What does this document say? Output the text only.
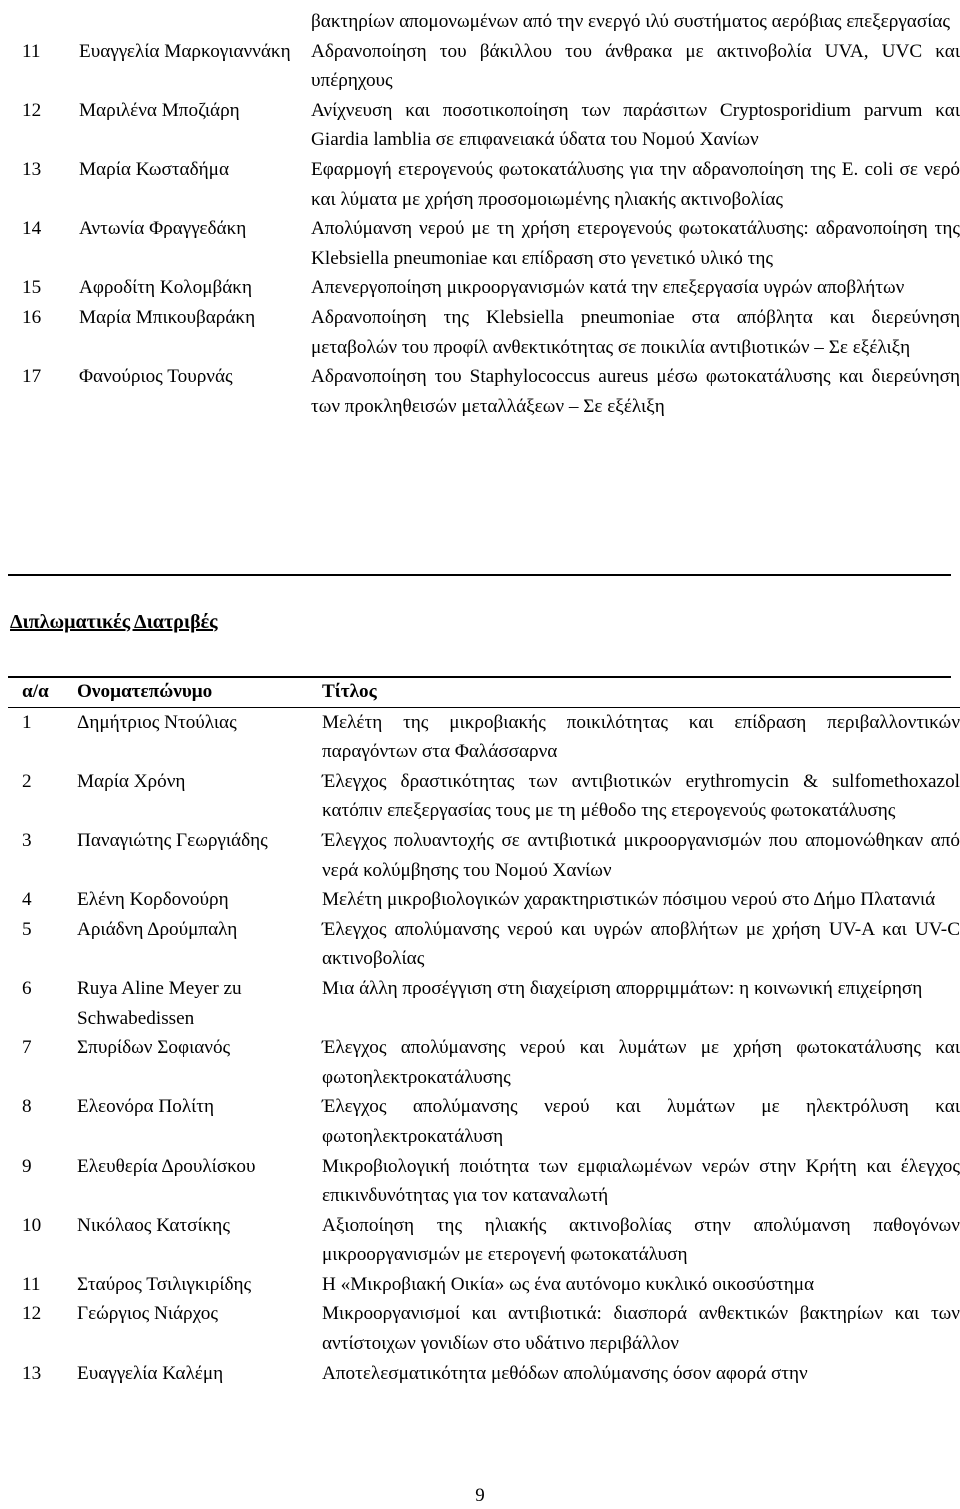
		βακτηρίων απομονωμένων από την ενεργό ιλύ συστήματος αερόβιας επεξεργασίας
11	Ευαγγελία Μαρκογιαννάκη	Αδρανοποίηση του βάκιλλου του άνθρακα με ακτινοβολία UVA, UVC και υπέρηχους
12	Μαριλένα Μποζιάρη	Ανίχνευση και ποσοτικοποίηση των παράσιτων Cryptosporidium parvum και Giardia lamblia σε επιφανειακά ύδατα του Νομού Χανίων
13	Μαρία Κωσταδήμα	Εφαρμογή ετερογενούς φωτοκατάλυσης για την αδρανοποίηση της E. coli σε νερό και λύματα με χρήση προσομοιωμένης ηλιακής ακτινοβολίας
14	Αντωνία Φραγγεδάκη	Απολύμανση νερού με τη χρήση ετερογενούς φωτοκατάλυσης: αδρανοποίηση της Klebsiella pneumoniae και επίδραση στο γενετικό υλικό της
15	Αφροδίτη Κολομβάκη	Απενεργοποίηση μικροοργανισμών κατά την επεξεργασία υγρών αποβλήτων
16	Μαρία Μπικουβαράκη	Αδρανοποίηση της Klebsiella pneumoniae στα απόβλητα και διερεύνηση μεταβολών του προφίλ ανθεκτικότητας σε ποικιλία αντιβιοτικών – Σε εξέλιξη
17	Φανούριος Τουρνάς	Αδρανοποίηση του Staphylococcus aureus μέσω φωτοκατάλυσης και διερεύνηση των προκληθεισών μεταλλάξεων – Σε εξέλιξη
Διπλωματικές Διατριβές
α/α	Ονοματεπώνυμο	Τίτλος
1	Δημήτριος Ντούλιας	Μελέτη της μικροβιακής ποικιλότητας και επίδραση περιβαλλοντικών παραγόντων στα Φαλάσσαρνα
2	Μαρία Χρόνη	Έλεγχος δραστικότητας των αντιβιοτικών erythromycin & sulfomethoxazol κατόπιν επεξεργασίας τους με τη μέθοδο της ετερογενούς φωτοκατάλυσης
3	Παναγιώτης Γεωργιάδης	Έλεγχος πολυαντοχής σε αντιβιοτικά μικροοργανισμών που απομονώθηκαν από νερά κολύμβησης του Νομού Χανίων
4	Ελένη Κορδονούρη	Μελέτη μικροβιολογικών χαρακτηριστικών πόσιμου νερού στο Δήμο Πλατανιά
5	Αριάδνη Δρούμπαλη	Έλεγχος απολύμανσης νερού και υγρών αποβλήτων με χρήση UV-A και UV-C ακτινοβολίας
6	Ruya Aline Meyer zu Schwabedissen	Μια άλλη προσέγγιση στη διαχείριση απορριμμάτων: η κοινωνική επιχείρηση
7	Σπυρίδων Σοφιανός	Έλεγχος απολύμανσης νερού και λυμάτων με χρήση φωτοκατάλυσης και φωτοηλεκτροκατάλυσης
8	Ελεονόρα Πολίτη	Έλεγχος απολύμανσης νερού και λυμάτων με ηλεκτρόλυση και φωτοηλεκτροκατάλυση
9	Ελευθερία Δρουλίσκου	Μικροβιολογική ποιότητα των εμφιαλωμένων νερών στην Κρήτη και έλεγχος επικινδυνότητας για τον καταναλωτή
10	Νικόλαος Κατσίκης	Αξιοποίηση της ηλιακής ακτινοβολίας στην απολύμανση παθογόνων μικροοργανισμών με ετερογενή φωτοκατάλυση
11	Σταύρος Τσιλιγκιρίδης	Η «Μικροβιακή Οικία» ως ένα αυτόνομο κυκλικό οικοσύστημα
12	Γεώργιος Νιάρχος	Μικροοργανισμοί και αντιβιοτικά: διασπορά ανθεκτικών βακτηρίων και των αντίστοιχων γονιδίων στο υδάτινο περιβάλλον
13	Ευαγγελία Καλέμη	Αποτελεσματικότητα μεθόδων απολύμανσης όσον αφορά στην
9
